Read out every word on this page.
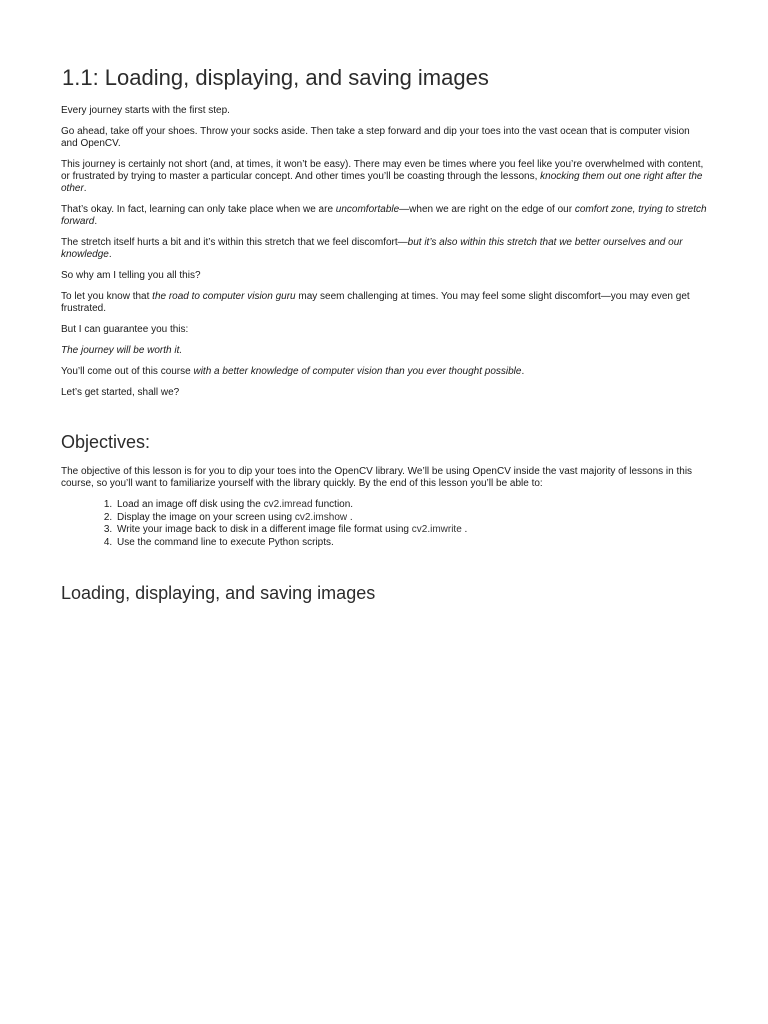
1.1: Loading, displaying, and saving images

Every journey starts with the first step.

Go ahead, take off your shoes. Throw your socks aside. Then take a step forward and dip your toes into the vast ocean that is computer vision and OpenCV.

This journey is certainly not short (and, at times, it won’t be easy). There may even be times where you feel like you’re overwhelmed with content, or frustrated by trying to master a particular concept. And other times you’ll be coasting through the lessons, knocking them out one right after the other.

That’s okay. In fact, learning can only take place when we are uncomfortable—when we are right on the edge of our comfort zone, trying to stretch forward.

The stretch itself hurts a bit and it’s within this stretch that we feel discomfort—but it’s also within this stretch that we better ourselves and our knowledge.

So why am I telling you all this?

To let you know that the road to computer vision guru may seem challenging at times. You may feel some slight discomfort—you may even get frustrated.

But I can guarantee you this:

The journey will be worth it.

You’ll come out of this course with a better knowledge of computer vision than you ever thought possible.

Let’s get started, shall we?

Objectives:

The objective of this lesson is for you to dip your toes into the OpenCV library. We’ll be using OpenCV inside the vast majority of lessons in this course, so you’ll want to familiarize yourself with the library quickly. By the end of this lesson you’ll be able to:

1. Load an image off disk using the cv2.imread function.
2. Display the image on your screen using cv2.imshow .
3. Write your image back to disk in a different image file format using cv2.imwrite .
4. Use the command line to execute Python scripts.
Loading, displaying, and saving images
